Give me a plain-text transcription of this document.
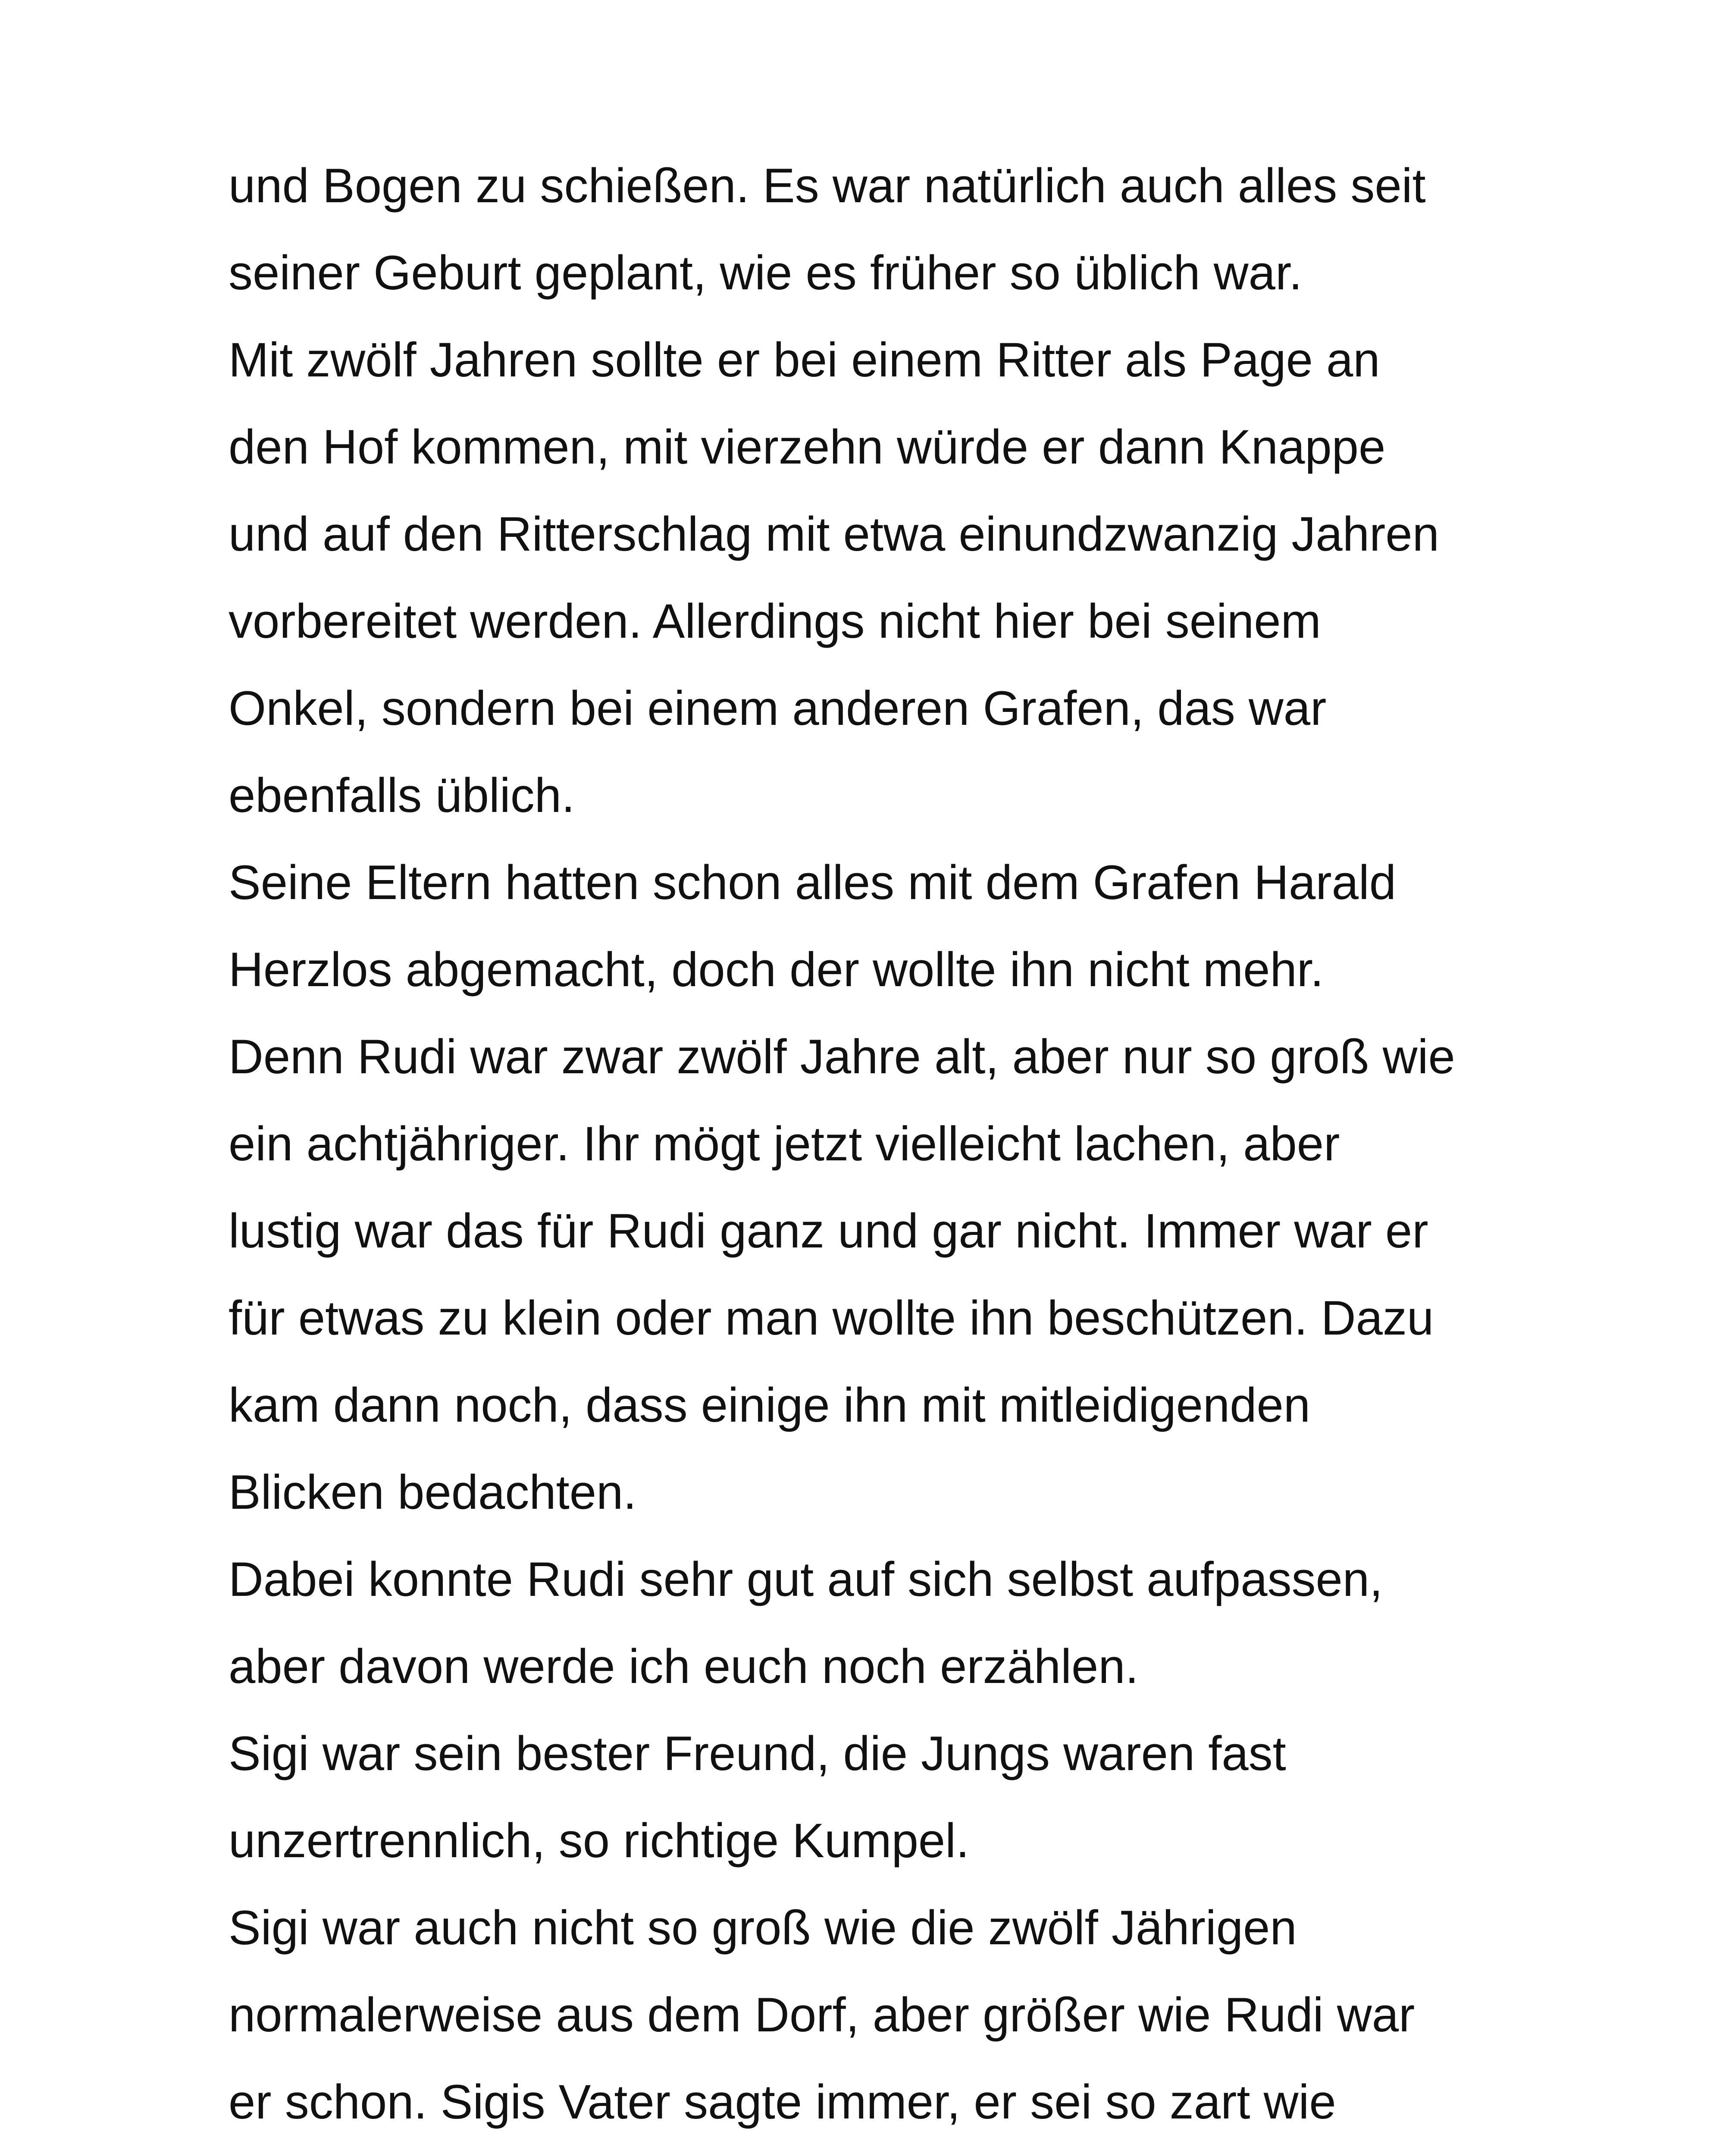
und Bogen zu schießen. Es war natürlich auch alles seit
seiner Geburt geplant, wie es früher so üblich war.
Mit zwölf Jahren sollte er bei einem Ritter als Page an
den Hof kommen, mit vierzehn würde er dann Knappe
und auf den Ritterschlag mit etwa einundzwanzig Jahren
vorbereitet werden. Allerdings nicht hier bei seinem
Onkel, sondern bei einem anderen Grafen, das war
ebenfalls üblich.
Seine Eltern hatten schon alles mit dem Grafen Harald
Herzlos abgemacht, doch der wollte ihn nicht mehr.
Denn Rudi war zwar zwölf Jahre alt, aber nur so groß wie
ein achtjähriger. Ihr mögt jetzt vielleicht lachen, aber
lustig war das für Rudi ganz und gar nicht. Immer war er
für etwas zu klein oder man wollte ihn beschützen. Dazu
kam dann noch, dass einige ihn mit mitleidigenden
Blicken bedachten.
Dabei konnte Rudi sehr gut auf sich selbst aufpassen,
aber davon werde ich euch noch erzählen.
Sigi war sein bester Freund, die Jungs waren fast
unzertrennlich, so richtige Kumpel.
Sigi war auch nicht so groß wie die zwölf Jährigen
normalerweise aus dem Dorf, aber größer wie Rudi war
er schon. Sigis Vater sagte immer, er sei so zart wie
